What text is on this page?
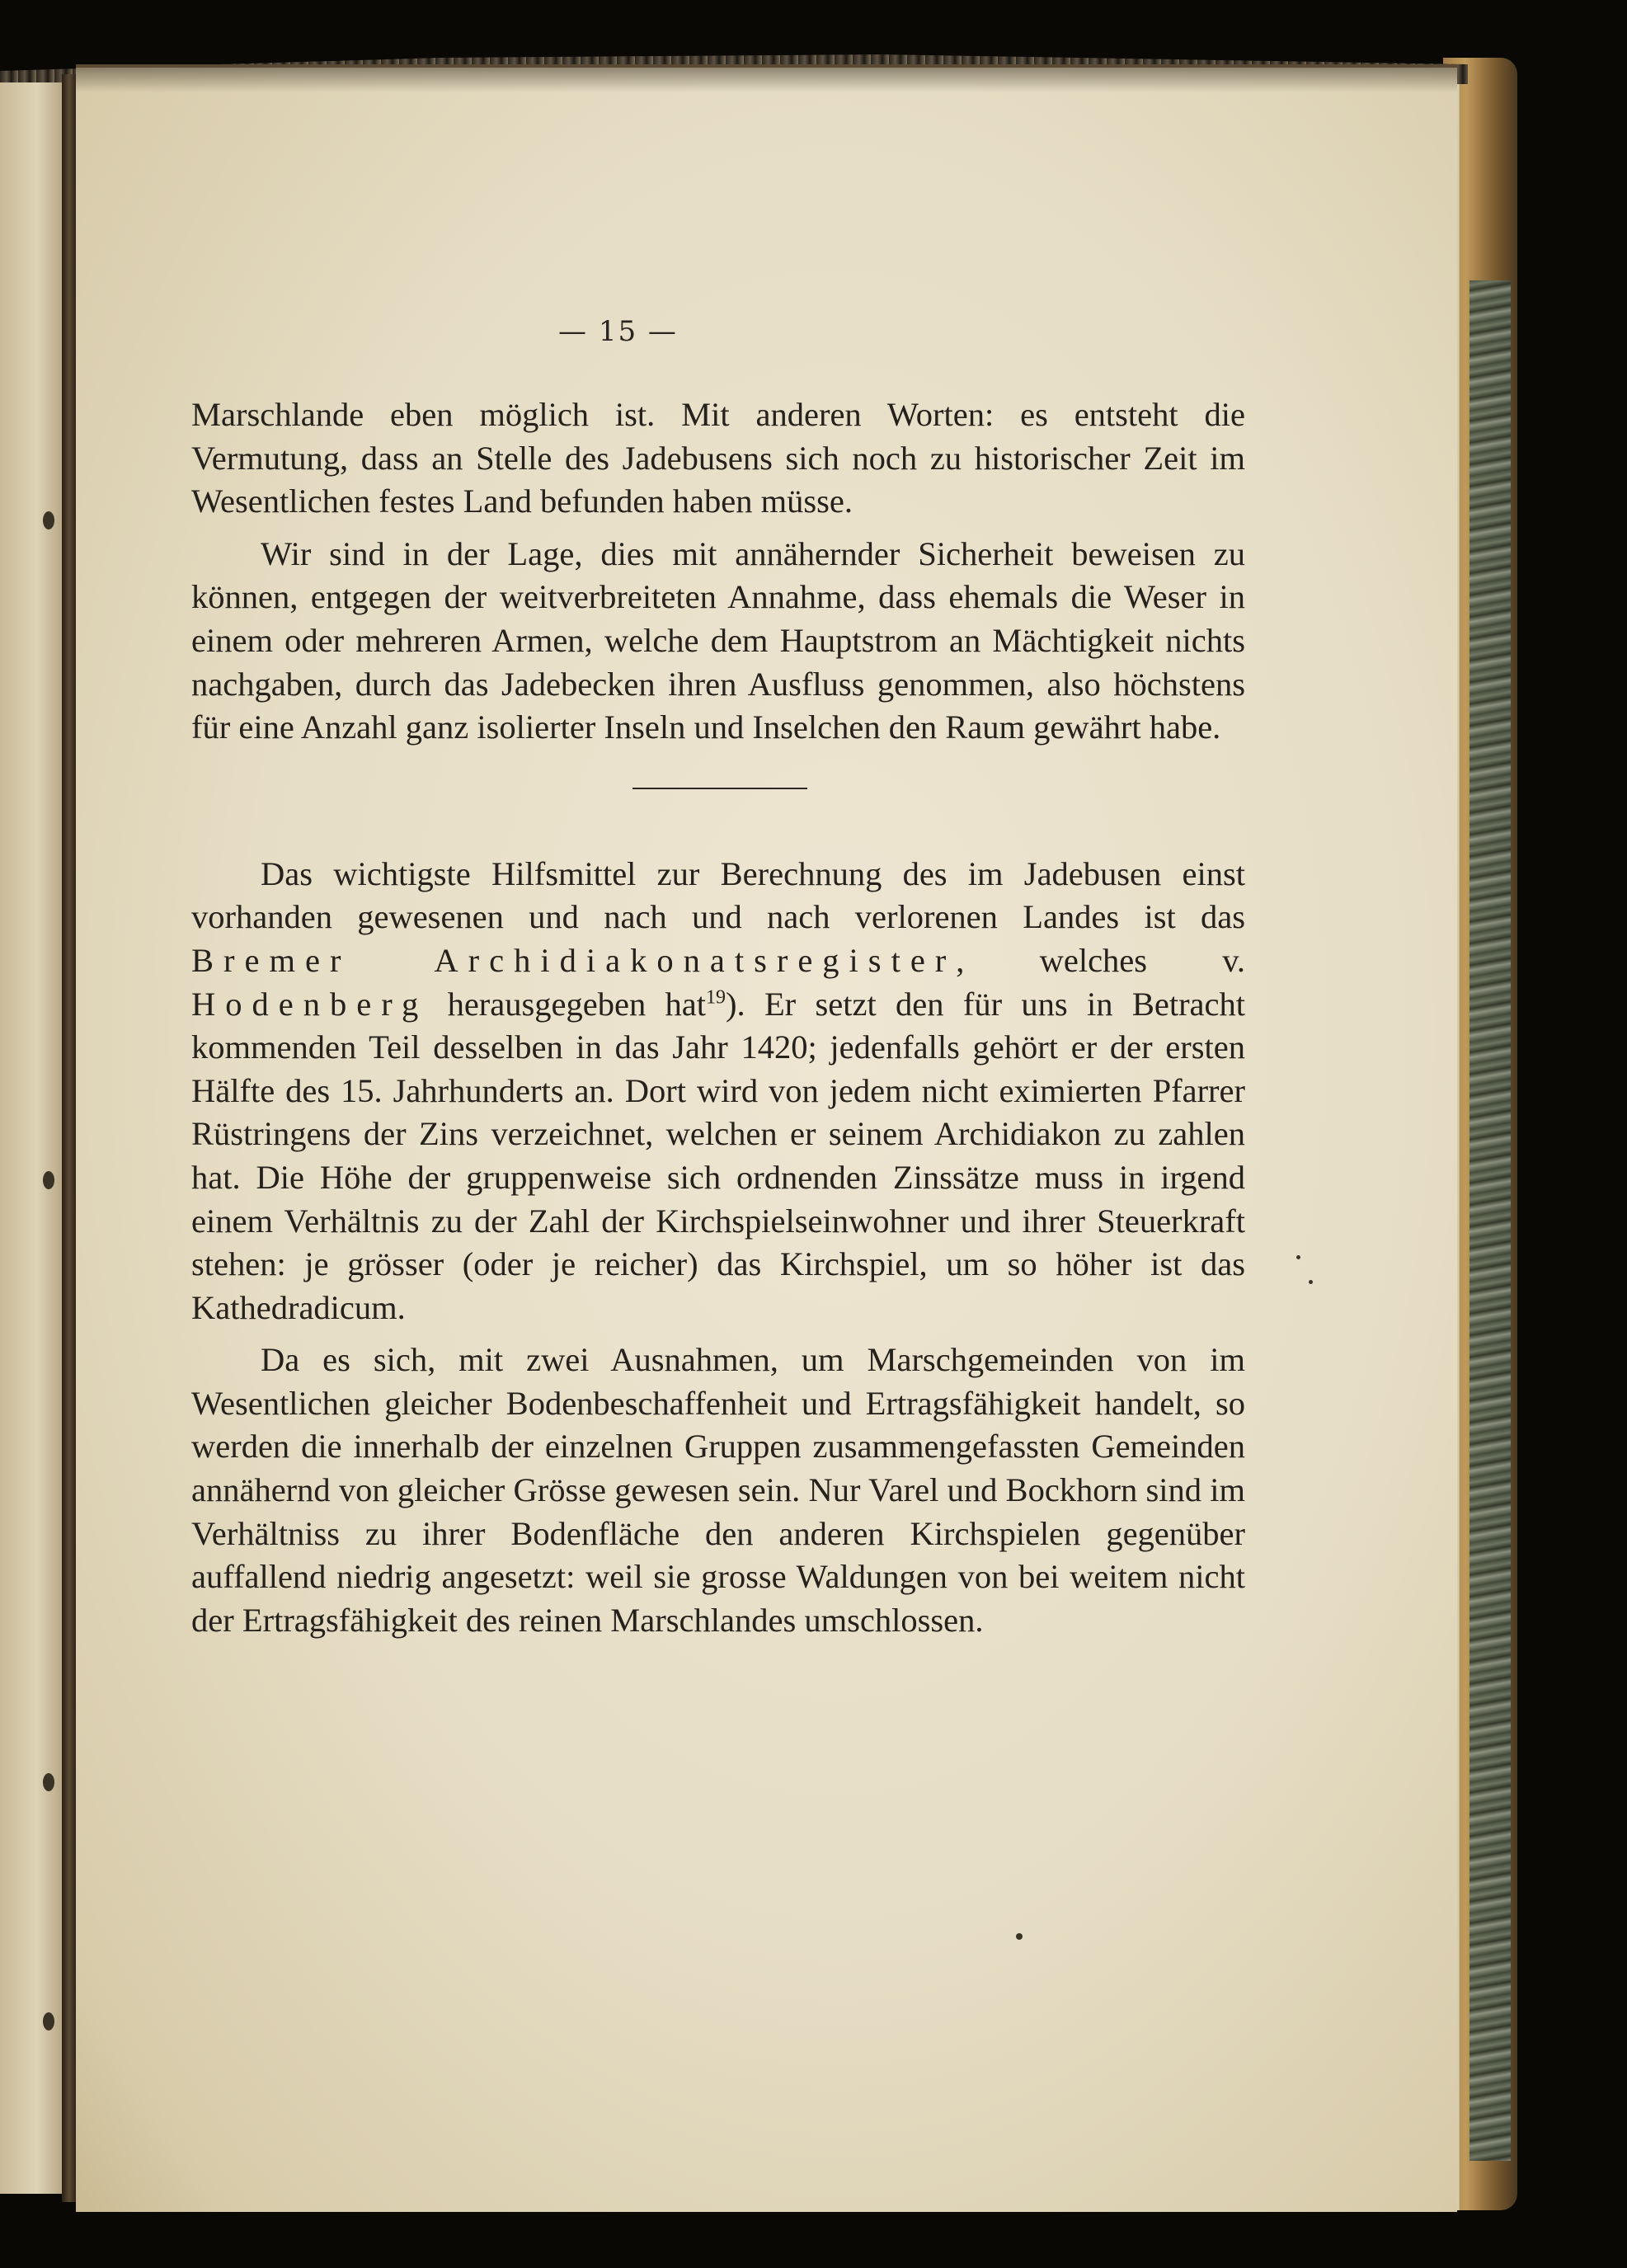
— 15 —

Marschlande eben möglich ist. Mit anderen Worten: es entsteht die Vermutung, dass an Stelle des Jadebusens sich noch zu historischer Zeit im Wesentlichen festes Land befunden haben müsse.

Wir sind in der Lage, dies mit annähernder Sicherheit beweisen zu können, entgegen der weitverbreiteten Annahme, dass ehemals die Weser in einem oder mehreren Armen, welche dem Hauptstrom an Mächtigkeit nichts nachgaben, durch das Jadebecken ihren Ausfluss genommen, also höchstens für eine Anzahl ganz isolierter Inseln und Inselchen den Raum gewährt habe.

Das wichtigste Hilfsmittel zur Berechnung des im Jadebusen einst vorhanden gewesenen und nach und nach verlorenen Landes ist das Bremer Archidiakonatsregister, welches v. Hodenberg herausgegeben hat$^{19}$). Er setzt den für uns in Betracht kommenden Teil desselben in das Jahr 1420; jedenfalls gehört er der ersten Hälfte des 15. Jahrhunderts an. Dort wird von jedem nicht eximierten Pfarrer Rüstringens der Zins verzeichnet, welchen er seinem Archidiakon zu zahlen hat. Die Höhe der gruppenweise sich ordnenden Zinssätze muss in irgend einem Verhältnis zu der Zahl der Kirchspielseinwohner und ihrer Steuerkraft stehen: je grösser (oder je reicher) das Kirchspiel, um so höher ist das Kathedradicum.

Da es sich, mit zwei Ausnahmen, um Marschgemeinden von im Wesentlichen gleicher Bodenbeschaffenheit und Ertragsfähigkeit handelt, so werden die innerhalb der einzelnen Gruppen zusammengefassten Gemeinden annähernd von gleicher Grösse gewesen sein. Nur Varel und Bockhorn sind im Verhältniss zu ihrer Bodenfläche den anderen Kirchspielen gegenüber auffallend niedrig angesetzt: weil sie grosse Waldungen von bei weitem nicht der Ertragsfähigkeit des reinen Marschlandes umschlossen.
